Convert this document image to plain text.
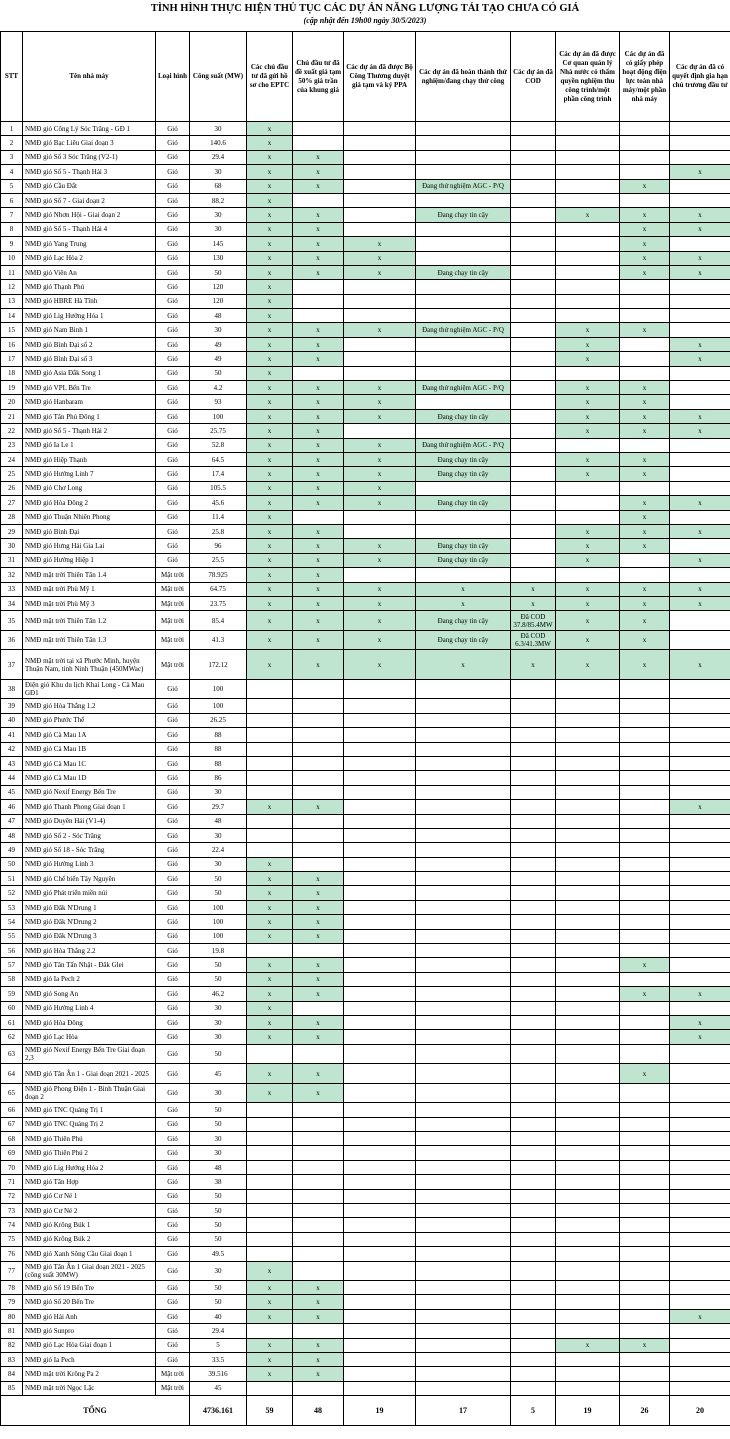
TÌNH HÌNH THỰC HIỆN THỦ TỤC CÁC DỰ ÁN NĂNG LƯỢNG TÁI TẠO CHƯA CÓ GIÁ
(cập nhật đến 19h00 ngày 30/5/2023)
STT	Tên nhà máy	Loại hình	Công suất (MW)	Các chủ đầu tư đã gửi hồ sơ cho EPTC	Chủ đầu tư đã đề xuất giá tạm 50% giá trần của khung giá	Các dự án đã được Bộ Công Thương duyệt giá tạm và ký PPA	Các dự án đã hoàn thành thử nghiệm/đang chạy thử công	Các dự án đã COD	Các dự án đã được Cơ quan quản lý Nhà nước có thẩm quyền nghiệm thu công trình/một phần công trình	Các dự án đã có giấy phép hoạt động điện lực toàn nhà máy/một phần nhà máy	Các dự án đã có quyết định gia hạn chủ trương đầu tư
1	NMĐ gió Công Lý Sóc Trăng - GĐ 1	Gió	30	x							
2	NMĐ gió Bạc Liêu Giai đoạn 3	Gió	140.6	x							
3	NMĐ gió Số 3 Sóc Trăng (V2-1)	Gió	29.4	x	x						
4	NMĐ gió Số 5 - Thạnh Hải 3	Gió	30	x	x						x
5	NMĐ gió Cầu Đất	Gió	68	x	x		Đang thử nghiệm AGC - P/Q			x	
6	NMĐ gió Số 7 - Giai đoạn 2	Gió	88.2	x							
7	NMĐ gió Nhơn Hội - Giai đoạn 2	Gió	30	x	x		Đang chạy tin cậy		x	x	x
8	NMĐ gió Số 5 - Thạnh Hải 4	Gió	30	x	x					x	x
9	NMĐ gió Yang Trung	Gió	145	x	x	x				x	
10	NMĐ gió Lạc Hòa 2	Gió	130	x	x	x				x	x
11	NMĐ gió Viên An	Gió	50	x	x	x	Đang chạy tin cậy			x	x
12	NMĐ gió Thạnh Phú	Gió	120	x							
13	NMĐ gió HBRE Hà Tĩnh	Gió	120	x							
14	NMĐ gió Lig Hướng Hóa 1	Gió	48	x							
15	NMĐ gió Nam Bình 1	Gió	30	x	x	x	Đang thử nghiệm AGC - P/Q		x	x	
16	NMĐ gió Bình Đại số 2	Gió	49	x	x				x		x
17	NMĐ gió Bình Đại số 3	Gió	49	x	x				x		x
18	NMĐ gió Asia Đắk Song 1	Gió	50	x							
19	NMĐ gió VPL Bến Tre	Gió	4.2	x	x	x	Đang thử nghiệm AGC - P/Q		x	x	
20	NMĐ gió Hanbaram	Gió	93	x	x	x			x	x	
21	NMĐ gió Tân Phú Đông 1	Gió	100	x	x	x	Đang chạy tin cậy		x	x	x
22	NMĐ gió Số 5 - Thạnh Hải 2	Gió	25.75	x	x				x	x	x
23	NMĐ gió Ia Le 1	Gió	52.8	x	x	x	Đang thử nghiệm AGC - P/Q				
24	NMĐ gió Hiệp Thạnh	Gió	64.5	x	x	x	Đang chạy tin cậy		x	x	
25	NMĐ gió Hướng Linh 7	Gió	17.4	x	x	x	Đang chạy tin cậy		x	x	
26	NMĐ gió Chơ Long	Gió	105.5	x	x	x					
27	NMĐ gió Hòa Đông 2	Gió	45.6	x	x	x	Đang chạy tin cậy			x	x
28	NMĐ gió Thuận Nhiên Phong	Gió	11.4	x						x	
29	NMĐ gió Bình Đại	Gió	25.8	x	x				x	x	x
30	NMĐ gió Hưng Hải Gia Lai	Gió	96	x	x	x	Đang chạy tin cậy		x	x	
31	NMĐ gió Hướng Hiệp 1	Gió	25.5	x	x	x	Đang chạy tin cậy		x		x
32	NMĐ mặt trời Thiên Tân 1.4	Mặt trời	78.925	x	x						
33	NMĐ mặt trời Phù Mỹ 1	Mặt trời	64.75	x	x	x	x	x	x	x	x
34	NMĐ mặt trời Phù Mỹ 3	Mặt trời	23.75	x	x	x	x	x	x	x	x
35	NMĐ mặt trời Thiên Tân 1.2	Mặt trời	85.4	x	x	x	Đang chạy tin cậy	Đã COD 37.8/85.4MW	x	x	
36	NMĐ mặt trời Thiên Tân 1.3	Mặt trời	41.3	x	x	x	Đang chạy tin cậy	Đã COD 6.3/41.3MW	x	x	
37	NMĐ mặt trời tại xã Phước Minh, huyện Thuận Nam, tỉnh Ninh Thuận (450MWac)	Mặt trời	172.12	x	x	x	x	x	x	x	x
38	Điện gió Khu du lịch Khai Long - Cà Mau GĐ1	Gió	100								
39	NMĐ gió Hòa Thắng 1.2	Gió	100								
40	NMĐ gió Phước Thể	Gió	26.25								
41	NMĐ gió Cà Mau 1A	Gió	88								
42	NMĐ gió Cà Mau 1B	Gió	88								
43	NMĐ gió Cà Mau 1C	Gió	88								
44	NMĐ gió Cà Mau 1D	Gió	86								
45	NMĐ gió Nexif Energy Bến Tre	Gió	30								
46	NMĐ gió Thanh Phong Giai đoạn 1	Gió	29.7	x	x						x
47	NMĐ gió Duyên Hải (V1-4)	Gió	48								
48	NMĐ gió Số 2 - Sóc Trăng	Gió	30								
49	NMĐ gió Số 18 - Sóc Trăng	Gió	22.4								
50	NMĐ gió Hướng Linh 3	Gió	30	x							
51	NMĐ gió Chế biến Tây Nguyên	Gió	50	x	x						
52	NMĐ gió Phát triển miền núi	Gió	50	x	x						
53	NMĐ gió Đăk N'Drung 1	Gió	100	x	x						
54	NMĐ gió Đăk N'Drung 2	Gió	100	x	x						
55	NMĐ gió Đăk N'Drung 3	Gió	100	x	x						
56	NMĐ gió Hòa Thắng 2.2	Gió	19.8								
57	NMĐ gió Tân Tấn Nhật - Đăk Glei	Gió	50	x	x					x	
58	NMĐ gió Ia Pech 2	Gió	50	x	x						
59	NMĐ gió Song An	Gió	46.2	x	x					x	x
60	NMĐ gió Hướng Linh 4	Gió	30	x							
61	NMĐ gió Hòa Đông	Gió	30	x	x						x
62	NMĐ gió Lạc Hòa	Gió	30	x	x						x
63	NMĐ gió Nexif Energy Bến Tre Giai đoạn 2,3	Gió	50								
64	NMĐ gió Tân Ân 1 - Giai đoạn 2021 - 2025	Gió	45	x	x					x	
65	NMĐ gió Phong Điện 1 - Bình Thuận Giai đoạn 2	Gió	30	x	x						
66	NMĐ gió TNC Quảng Trị 1	Gió	50								
67	NMĐ gió TNC Quảng Trị 2	Gió	50								
68	NMĐ gió Thiên Phú	Gió	30								
69	NMĐ gió Thiên Phú 2	Gió	30								
70	NMĐ gió Lig Hướng Hóa 2	Gió	48								
71	NMĐ gió Tân Hợp	Gió	38								
72	NMĐ gió Cư Né 1	Gió	50								
73	NMĐ gió Cư Né 2	Gió	50								
74	NMĐ gió Krông Búk 1	Gió	50								
75	NMĐ gió Krông Búk 2	Gió	50								
76	NMĐ gió Xanh Sông Cầu Giai đoạn 1	Gió	49.5								
77	NMĐ gió Tân Ân 1 Giai đoạn 2021 - 2025 (công suất 30MW)	Gió	30	x							
78	NMĐ gió Số 19 Bến Tre	Gió	50	x	x						
79	NMĐ gió Số 20 Bến Tre	Gió	50	x	x						
80	NMĐ gió Hải Anh	Gió	40	x	x						x
81	NMĐ gió Sunpro	Gió	29.4								
82	NMĐ gió Lạc Hòa Giai đoạn 1	Gió	5	x	x				x	x	
83	NMĐ gió Ia Pech	Gió	33.5	x	x						
84	NMĐ mặt trời Krông Pa 2	Mặt trời	39.516	x	x						
85	NMĐ mặt trời Ngọc Lặc	Mặt trời	45								
TỔNG			4736.161	59	48	19	17	5	19	26	20
